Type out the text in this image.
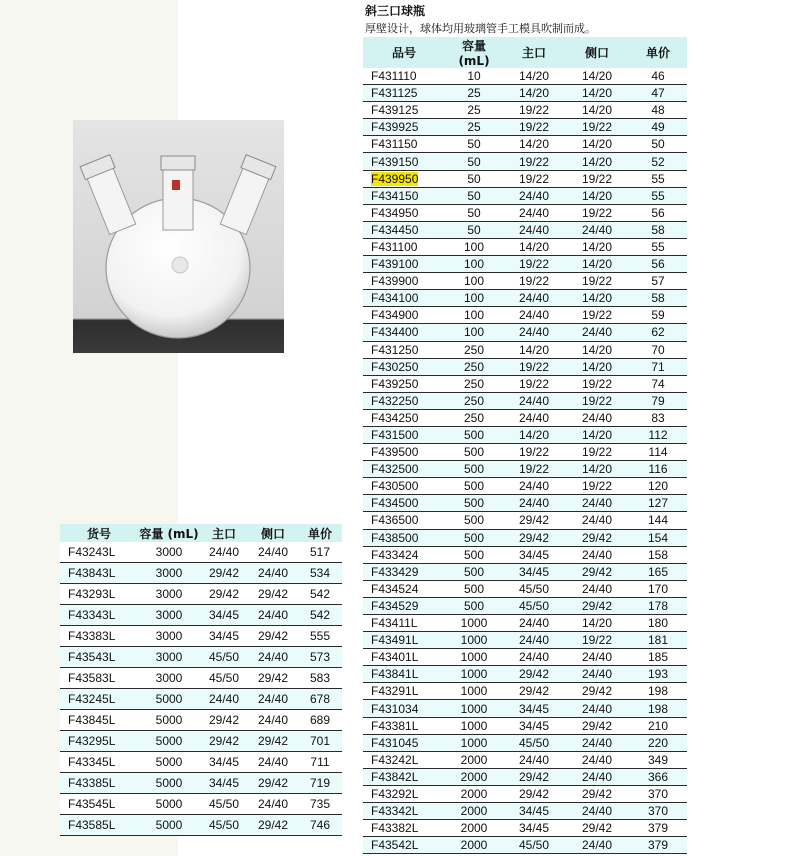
斜三口球瓶
厚壁设计，球体均用玻璃管手工模具吹制而成。
品号	容量 (mL)	主口	侧口	单价
F431110	10	14/20	14/20	46
F431125	25	14/20	14/20	47
F439125	25	19/22	14/20	48
F439925	25	19/22	19/22	49
F431150	50	14/20	14/20	50
F439150	50	19/22	14/20	52
F439950	50	19/22	19/22	55
F434150	50	24/40	14/20	55
F434950	50	24/40	19/22	56
F434450	50	24/40	24/40	58
F431100	100	14/20	14/20	55
F439100	100	19/22	14/20	56
F439900	100	19/22	19/22	57
F434100	100	24/40	14/20	58
F434900	100	24/40	19/22	59
F434400	100	24/40	24/40	62
F431250	250	14/20	14/20	70
F430250	250	19/22	14/20	71
F439250	250	19/22	19/22	74
F432250	250	24/40	19/22	79
F434250	250	24/40	24/40	83
F431500	500	14/20	14/20	112
F439500	500	19/22	19/22	114
F432500	500	19/22	14/20	116
F430500	500	24/40	19/22	120
F434500	500	24/40	24/40	127
F436500	500	29/42	24/40	144
F438500	500	29/42	29/42	154
F433424	500	34/45	24/40	158
F433429	500	34/45	29/42	165
F434524	500	45/50	24/40	170
F434529	500	45/50	29/42	178
F43411L	1000	24/40	14/20	180
F43491L	1000	24/40	19/22	181
F43401L	1000	24/40	24/40	185
F43841L	1000	29/42	24/40	193
F43291L	1000	29/42	29/42	198
F431034	1000	34/45	24/40	198
F43381L	1000	34/45	29/42	210
F431045	1000	45/50	24/40	220
F43242L	2000	24/40	24/40	349
F43842L	2000	29/42	24/40	366
F43292L	2000	29/42	29/42	370
F43342L	2000	34/45	24/40	370
F43382L	2000	34/45	29/42	379
F43542L	2000	45/50	24/40	379
货号	容量 (mL)	主口	侧口	单价
F43243L	3000	24/40	24/40	517
F43843L	3000	29/42	24/40	534
F43293L	3000	29/42	29/42	542
F43343L	3000	34/45	24/40	542
F43383L	3000	34/45	29/42	555
F43543L	3000	45/50	24/40	573
F43583L	3000	45/50	29/42	583
F43245L	5000	24/40	24/40	678
F43845L	5000	29/42	24/40	689
F43295L	5000	29/42	29/42	701
F43345L	5000	34/45	24/40	711
F43385L	5000	34/45	29/42	719
F43545L	5000	45/50	24/40	735
F43585L	5000	45/50	29/42	746
